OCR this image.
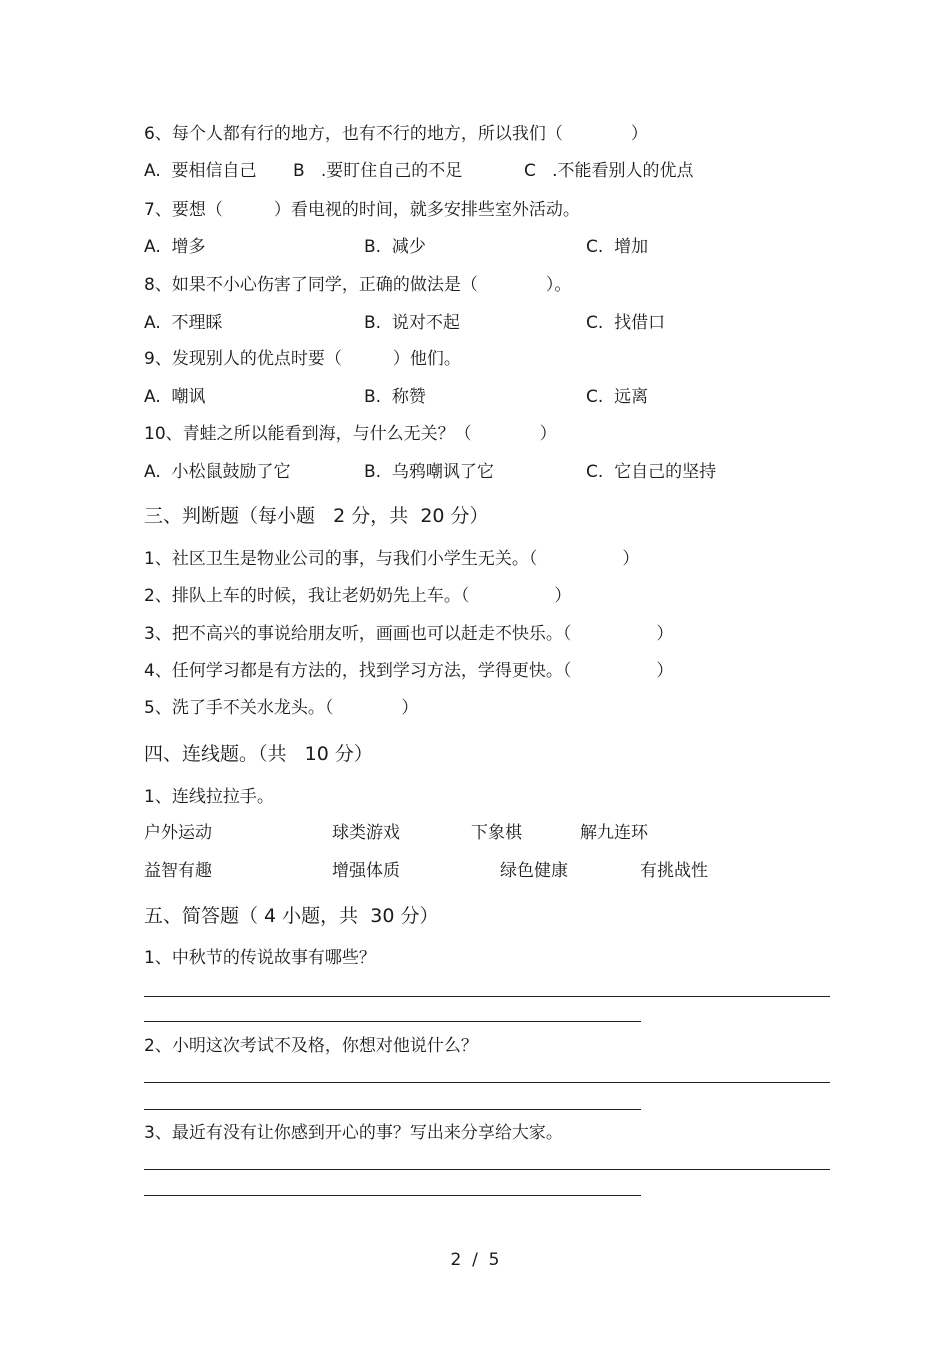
6、每个人都有行的地方，也有不行的地方，所以我们（　　　　）
A.  要相信自己 B   .要盯住自己的不足	C   .不能看别人的优点
7、要想（　　　）看电视的时间，就多安排些室外活动。
A.  增多	B.  减少	C.  增加
8、如果不小心伤害了同学，正确的做法是（　　　　）。
A.  不理睬	B.  说对不起	C.  找借口
9、发现别人的优点时要（　　　）他们。
A.  嘲讽	B.  称赞	C.  远离
10、青蛙之所以能看到海，与什么无关？（　　　　）
A.  小松鼠鼓励了它	B.  乌鸦嘲讽了它	C.  它自己的坚持
三、判断题（每小题   2 分，共  20 分）
1、社区卫生是物业公司的事，与我们小学生无关。（　　　　　）
2、排队上车的时候，我让老奶奶先上车。（　　　　　）
3、把不高兴的事说给朋友听，画画也可以赶走不快乐。（　　　　　）
4、任何学习都是有方法的，找到学习方法，学得更快。（　　　　　）
5、洗了手不关水龙头。（　　　　）
四、连线题。（共   10 分）
1、连线拉拉手。
户外运动	球类游戏	下象棋	解九连环
益智有趣	增强体质	绿色健康	有挑战性
五、简答题（ 4 小题，共  30 分）
1、中秋节的传说故事有哪些？
2、小明这次考试不及格，你想对他说什么？
3、最近有没有让你感到开心的事？写出来分享给大家。
2  /  5
